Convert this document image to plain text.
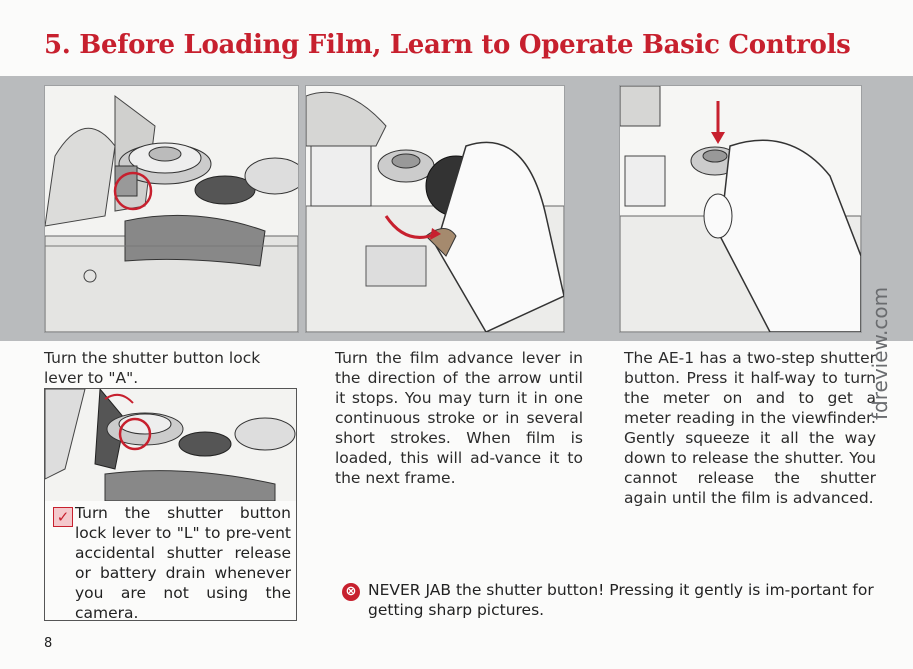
5. Before Loading Film, Learn to Operate Basic Controls

Turn the shutter button lock lever to "A".

Turn the film advance lever in the direction of the arrow until it stops. You may turn it in one continuous stroke or in several short strokes. When film is loaded, this will ad-vance it to the next frame.

The AE-1 has a two-step shutter button. Press it half-way to turn the meter on and to get a meter reading in the viewfinder. Gently squeeze it all the way down to release the shutter. You cannot release the shutter again until the film is advanced.

✓ Turn the shutter button lock lever to "L" to pre-vent accidental shutter release or battery drain whenever you are not using the camera.

⊗ NEVER JAB the shutter button! Pressing it gently is im-portant for getting sharp pictures.

8

fdreview.com
